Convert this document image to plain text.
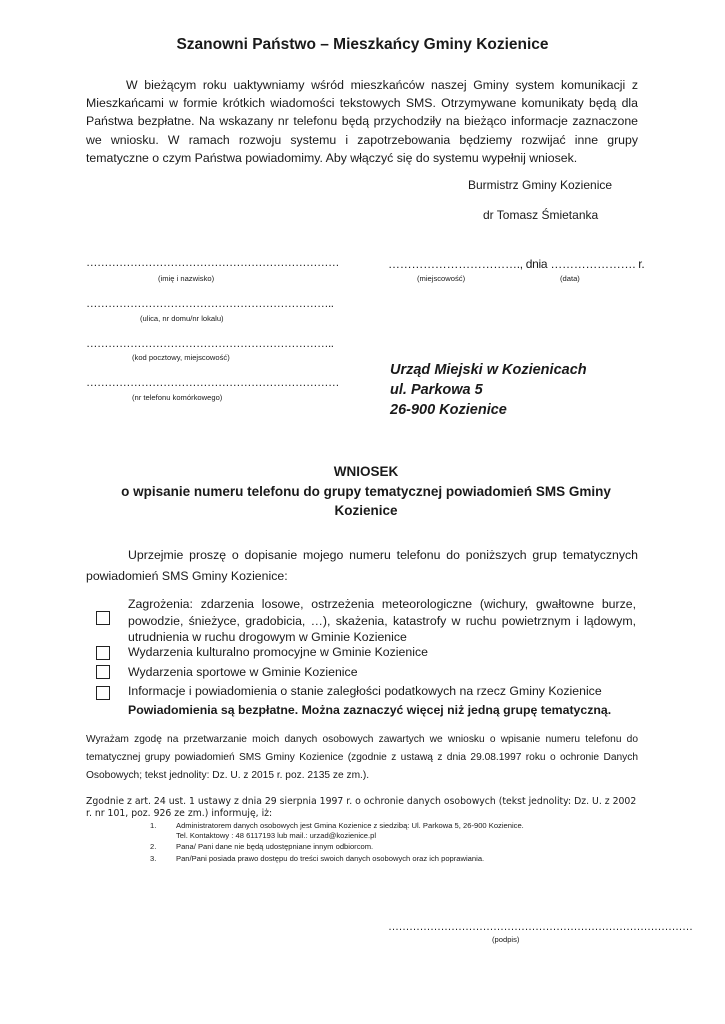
Szanowni Państwo – Mieszkańcy Gminy Kozienice

W bieżącym roku uaktywniamy wśród mieszkańców naszej Gminy system komunikacji z Mieszkańcami w formie krótkich wiadomości tekstowych SMS. Otrzymywane komunikaty będą dla Państwa bezpłatne. Na wskazany nr telefonu będą przychodziły na bieżąco informacje zaznaczone we wniosku. W ramach rozwoju systemu i zapotrzebowania będziemy rozwijać inne grupy tematyczne o czym Państwa powiadomimy. Aby włączyć się do systemu wypełnij wniosek.

Burmistrz Gminy Kozienice

dr Tomasz Śmietanka

……………………………………………………………
(imię i nazwisko)
…………………………………………………………..
(ulica, nr domu/nr lokalu)
…………………………………………………………..
(kod pocztowy, miejscowość)
……………………………………………………………
(nr telefonu komórkowego)
……………………………., dnia …………………. r.
(miejscowość)	(data)
Urząd Miejski w Kozienicach
ul. Parkowa 5
26-900 Kozienice
WNIOSEK
o wpisanie numeru telefonu do grupy tematycznej powiadomień SMS Gminy Kozienice

Uprzejmie proszę o dopisanie mojego numeru telefonu do poniższych grup tematycznych powiadomień SMS Gminy Kozienice:

Zagrożenia: zdarzenia losowe, ostrzeżenia meteorologiczne (wichury, gwałtowne burze, powodzie, śnieżyce, gradobicia, …), skażenia, katastrofy w ruchu powietrznym i lądowym, utrudnienia w ruchu drogowym w Gminie Kozienice
Wydarzenia kulturalno promocyjne w Gminie Kozienice
Wydarzenia sportowe w Gminie Kozienice
Informacje i powiadomienia o stanie zaległości podatkowych na rzecz Gminy Kozienice
Powiadomienia są bezpłatne. Można zaznaczyć więcej niż jedną grupę tematyczną.

Wyrażam zgodę na przetwarzanie moich danych osobowych zawartych we wniosku o wpisanie numeru telefonu do tematycznej grupy powiadomień SMS Gminy Kozienice (zgodnie z ustawą z dnia 29.08.1997 roku o ochronie Danych Osobowych; tekst jednolity: Dz. U. z 2015 r. poz. 2135 ze zm.).

Zgodnie z art. 24 ust. 1 ustawy z dnia 29 sierpnia 1997 r. o ochronie danych osobowych (tekst jednolity: Dz. U. z 2002 r. nr 101, poz. 926 ze zm.) informuję, iż:

1.	Administratorem danych osobowych jest Gmina Kozienice z siedzibą: Ul. Parkowa 5, 26-900 Kozienice.
Tel. Kontaktowy : 48 6117193 lub mail.: urzad@kozienice.pl
2.	Pana/ Pani dane nie będą udostępniane innym odbiorcom.
3.	Pan/Pani posiada prawo dostępu do treści swoich danych osobowych oraz ich poprawiania.
……………………………………………………………………………
(podpis)
